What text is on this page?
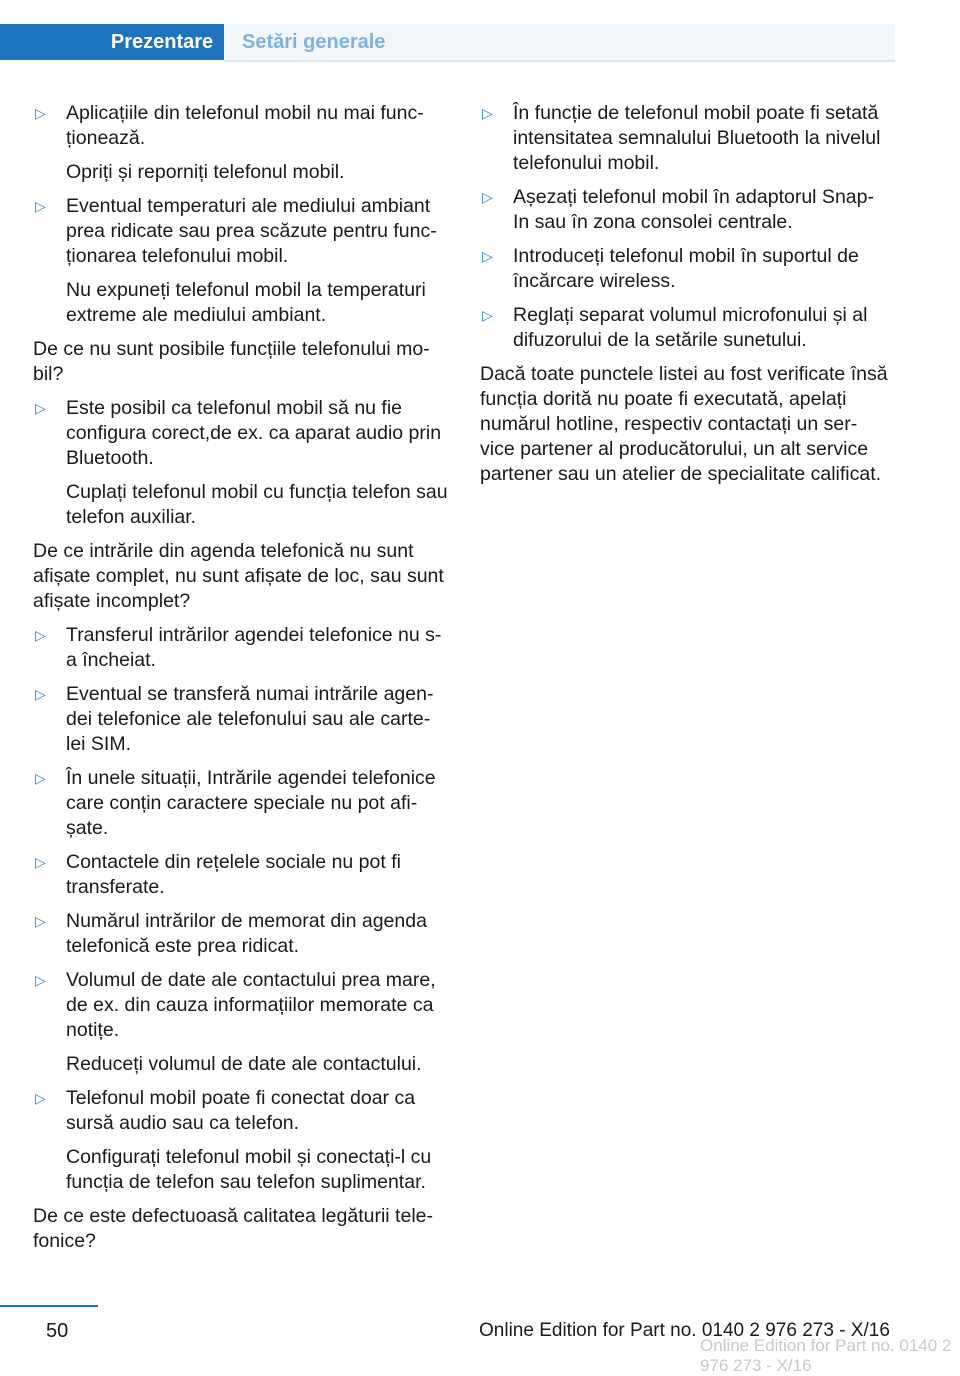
Prezentare	Setări generale
▷ Aplicațiile din telefonul mobil nu mai func‐ ționează.
Opriți și reporniți telefonul mobil.
▷ Eventual temperaturi ale mediului ambiant prea ridicate sau prea scăzute pentru func‐ ționarea telefonului mobil.
Nu expuneți telefonul mobil la temperaturi extreme ale mediului ambiant.
De ce nu sunt posibile funcțiile telefonului mo‐ bil?
▷ Este posibil ca telefonul mobil să nu fie configura corect,de ex. ca aparat audio prin Bluetooth.
Cuplați telefonul mobil cu funcția telefon sau telefon auxiliar.
De ce intrările din agenda telefonică nu sunt afișate complet, nu sunt afișate de loc, sau sunt afișate incomplet?
▷ Transferul intrărilor agendei telefonice nu s-a încheiat.
▷ Eventual se transferă numai intrările agen‐ dei telefonice ale telefonului sau ale carte‐ lei SIM.
▷ În unele situații, Intrările agendei telefonice care conțin caractere speciale nu pot afi‐ șate.
▷ Contactele din rețelele sociale nu pot fi transferate.
▷ Numărul intrărilor de memorat din agenda telefonică este prea ridicat.
▷ Volumul de date ale contactului prea mare, de ex. din cauza informațiilor memorate ca notițe.
Reduceți volumul de date ale contactului.
▷ Telefonul mobil poate fi conectat doar ca sursă audio sau ca telefon.
Configurați telefonul mobil și conectați-l cu funcția de telefon sau telefon suplimentar.
De ce este defectuoasă calitatea legăturii tele‐ fonice?
▷ În funcție de telefonul mobil poate fi setată intensitatea semnalului Bluetooth la nivelul telefonului mobil.
▷ Așezați telefonul mobil în adaptorul Snap- In sau în zona consolei centrale.
▷ Introduceți telefonul mobil în suportul de încărcare wireless.
▷ Reglați separat volumul microfonului și al difuzorului de la setările sunetului.
Dacă toate punctele listei au fost verificate însă funcția dorită nu poate fi executată, apelați numărul hotline, respectiv contactați un ser‐ vice partener al producătorului, un alt service partener sau un atelier de specialitate calificat.
50
Online Edition for Part no. 0140 2 976 273 - X/16
Online Edition for Part no. 0140 2 976 273 - X/16
